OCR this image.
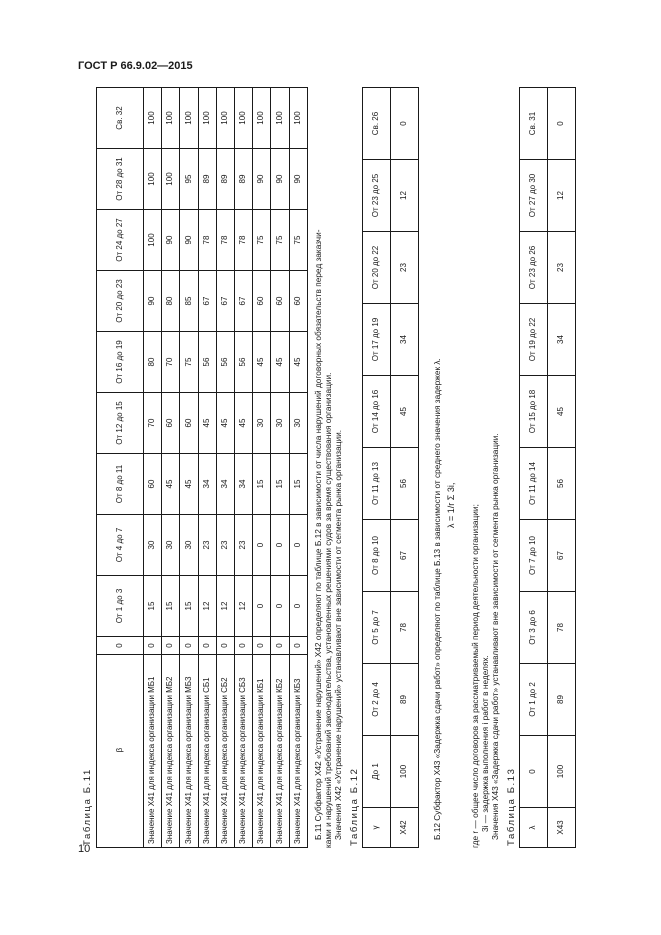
ГОСТ Р 66.9.02—2015
10
Таблица Б.11
β	0	От 1 до 3	От 4 до 7	От 8 до 11	От 12 до 15	От 16 до 19	От 20 до 23	От 24 до 27	От 28 до 31	Св. 32
Значение X41 для индекса организации МБ1	0	15	30	60	70	80	90	100	100	100
Значение X41 для индекса организации МБ2	0	15	30	45	60	70	80	90	100	100
Значение X41 для индекса организации МБ3	0	15	30	45	60	75	85	90	95	100
Значение X41 для индекса организации СБ1	0	12	23	34	45	56	67	78	89	100
Значение X41 для индекса организации СБ2	0	12	23	34	45	56	67	78	89	100
Значение X41 для индекса организации СБ3	0	12	23	34	45	56	67	78	89	100
Значение X41 для индекса организации КБ1	0	0	0	15	30	45	60	75	90	100
Значение X41 для индекса организации КБ2	0	0	0	15	30	45	60	75	90	100
Значение X41 для индекса организации КБ3	0	0	0	15	30	45	60	75	90	100
Б.11 Субфактор X42 «Устранение нарушений» X42 определяют по таблице Б.12 в зависимости от числа нарушений договорных обязательств перед заказчи- ками и нарушений требований законодательства, установленных решениями судов за время существования организации. Значения X42 «Устранение нарушений» устанавливают вне зависимости от сегмента рынка организации. Таблица Б.12 γ	До 1	От 2 до 4	От 5 до 7	От 8 до 10	От 11 до 13	От 14 до 16	От 17 до 19	От 20 до 22	От 23 до 25	Св. 26
X42	100	89	78	67	56	45	34	23	12	0
Б.12 Субфактор X43 «Задержка сдачи работ» определяют по таблице Б.13 в зависимости от среднего значения задержек λ. λ = 1/r Σ 3i, где r — общее число договоров за рассматриваемый период деятельности организации; 3i — задержка выполнения i работ в неделях. Значения X43 «Задержка сдачи работ» устанавливают вне зависимости от сегмента рынка организации. Таблица Б.13 λ	0	От 1 до 2	От 3 до 6	От 7 до 10	От 11 до 14	От 15 до 18	От 19 до 22	От 23 до 26	От 27 до 30	Св. 31
X43	100	89	78	67	56	45	34	23	12	0
